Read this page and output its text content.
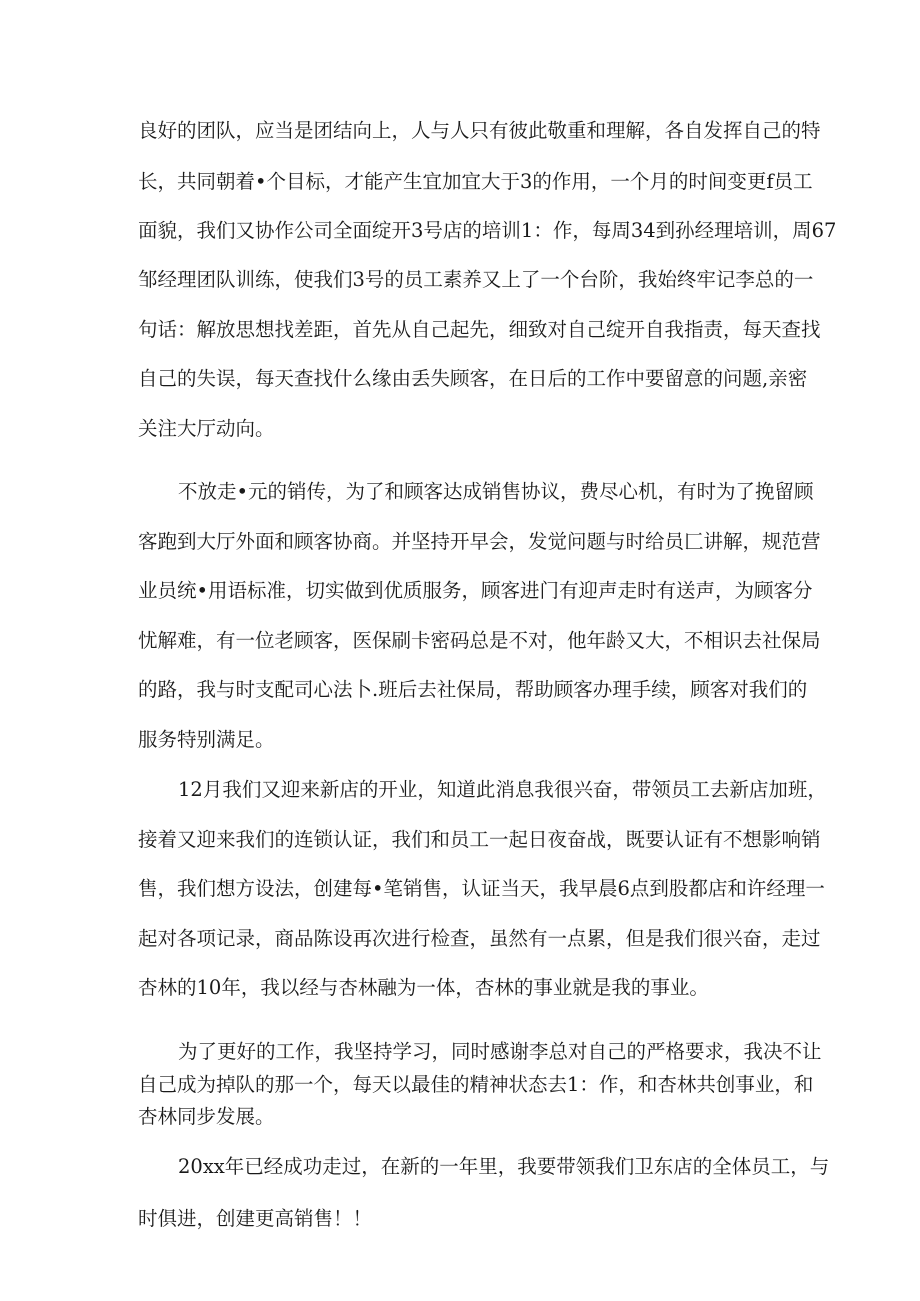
良好的团队，应当是团结向上，人与人只有彼此敬重和理解，各自发挥自己的特

长，共同朝着•个目标，才能产生宜加宜大于3的作用，一个月的时间变更f员工

面貌，我们又协作公司全面绽开3号店的培训1：作，每周34到孙经理培训，周67

邹经理团队训练，使我们3号的员工素养又上了一个台阶，我始终牢记李总的一

句话：解放思想找差距，首先从自己起先，细致对自己绽开自我指责，每天查找

自己的失误，每天查找什么缘由丢失顾客，在日后的工作中要留意的问题,亲密

关注大厅动向。

不放走•元的销传，为了和顾客达成销售协议，费尽心机，有时为了挽留顾

客跑到大厅外面和顾客协商。并坚持开早会，发觉问题与时给员匚讲解，规范营

业员统•用语标准，切实做到优质服务，顾客进门有迎声走时有送声，为顾客分

忧解难，有一位老顾客，医保刷卡密码总是不对，他年龄又大，不相识去社保局

的路，我与时支配司心法卜.班后去社保局，帮助顾客办理手续，顾客对我们的

服务特别满足。

12月我们又迎来新店的开业，知道此消息我很兴奋，带领员工去新店加班，

接着又迎来我们的连锁认证，我们和员工一起日夜奋战，既要认证有不想影响销

售，我们想方设法，创建每•笔销售，认证当天，我早晨6点到股都店和许经理一

起对各项记录，商品陈设再次进行检查，虽然有一点累，但是我们很兴奋，走过

杏林的10年，我以经与杏林融为一体，杏林的事业就是我的事业。

为了更好的工作，我坚持学习，同时感谢李总对自己的严格要求，我决不让

自己成为掉队的那一个，每天以最佳的精神状态去1：作，和杏林共创事业，和

杏林同步发展。

20xx年已经成功走过，在新的一年里，我要带领我们卫东店的全体员工，与

时俱进，创建更高销售！！
